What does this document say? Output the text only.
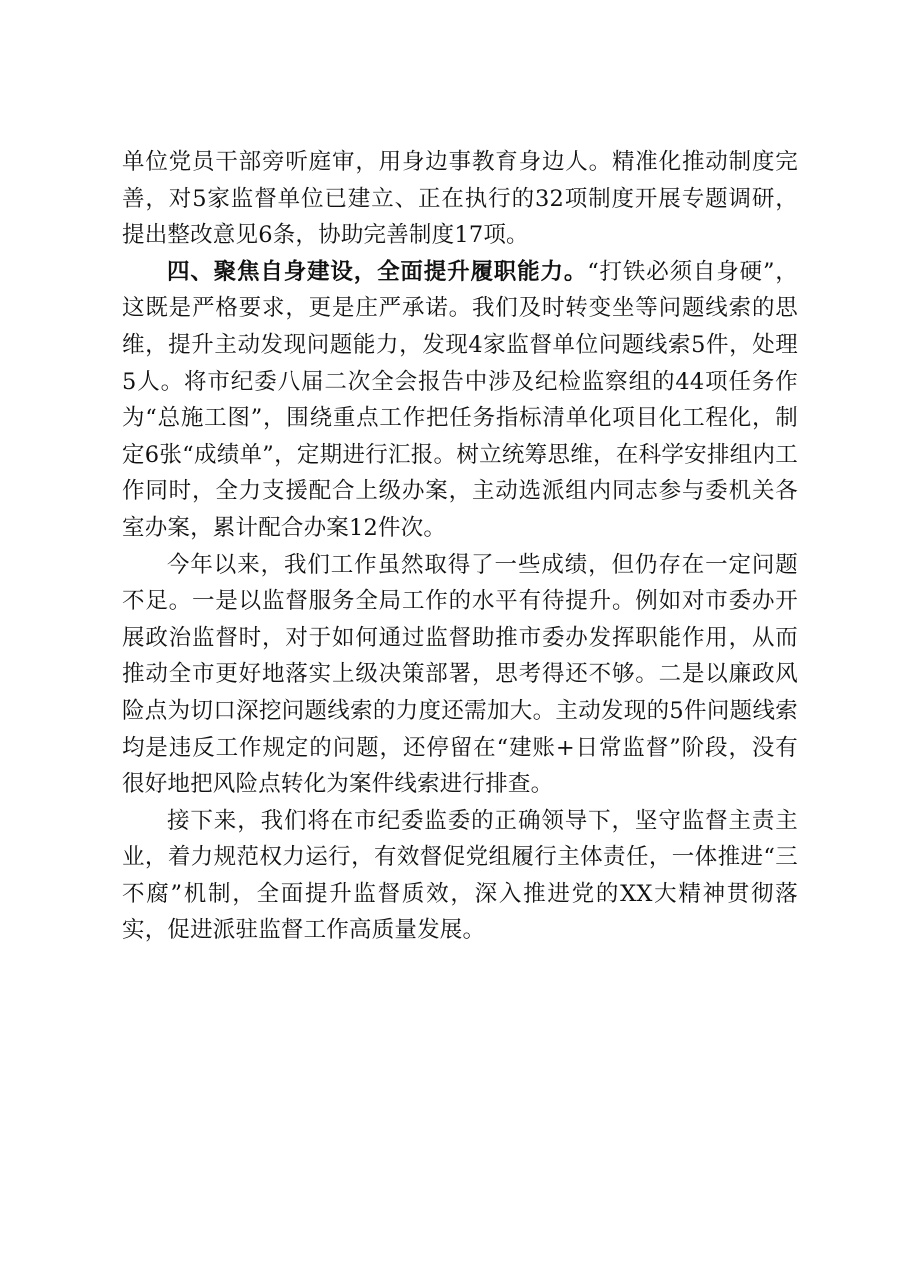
单位党员干部旁听庭审，用身边事教育身边人。精准化推动制度完善，对5家监督单位已建立、正在执行的32项制度开展专题调研，提出整改意见6条，协助完善制度17项。

四、聚焦自身建设，全面提升履职能力。“打铁必须自身硬”，这既是严格要求，更是庄严承诺。我们及时转变坐等问题线索的思维，提升主动发现问题能力，发现4家监督单位问题线索5件，处理5人。将市纪委八届二次全会报告中涉及纪检监察组的44项任务作为“总施工图”，围绕重点工作把任务指标清单化项目化工程化，制定6张“成绩单”，定期进行汇报。树立统筹思维，在科学安排组内工作同时，全力支援配合上级办案，主动选派组内同志参与委机关各室办案，累计配合办案12件次。

今年以来，我们工作虽然取得了一些成绩，但仍存在一定问题不足。一是以监督服务全局工作的水平有待提升。例如对市委办开展政治监督时，对于如何通过监督助推市委办发挥职能作用，从而推动全市更好地落实上级决策部署，思考得还不够。二是以廉政风险点为切口深挖问题线索的力度还需加大。主动发现的5件问题线索均是违反工作规定的问题，还停留在“建账+日常监督”阶段，没有很好地把风险点转化为案件线索进行排查。

接下来，我们将在市纪委监委的正确领导下，坚守监督主责主业，着力规范权力运行，有效督促党组履行主体责任，一体推进“三不腐”机制，全面提升监督质效，深入推进党的XX大精神贯彻落实，促进派驻监督工作高质量发展。
